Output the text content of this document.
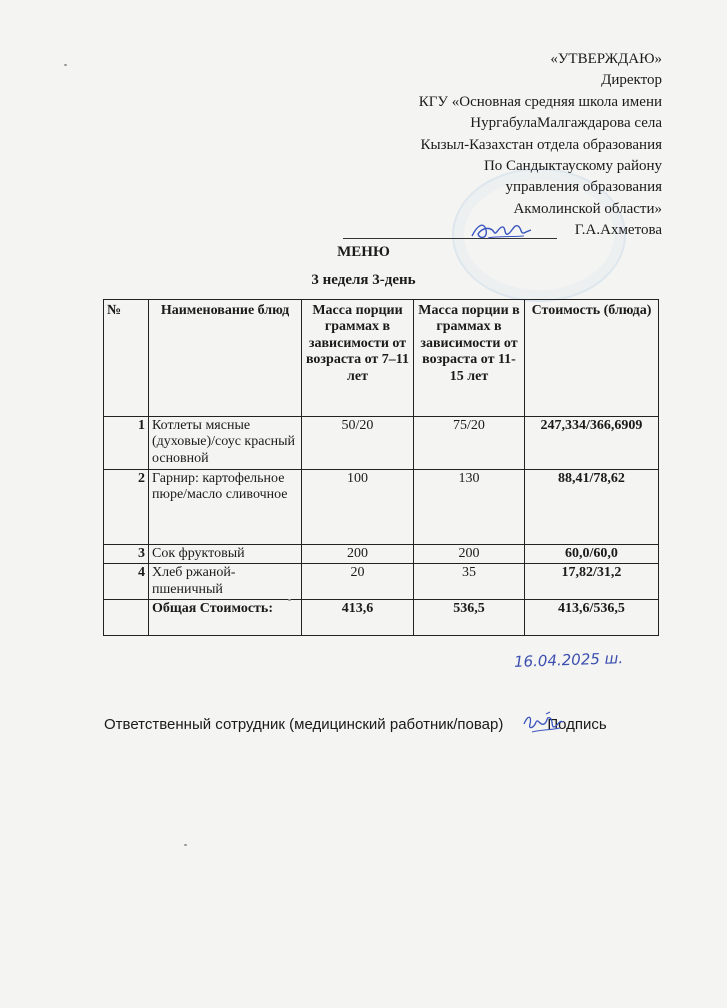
«УТВЕРЖДАЮ»
Директор
КГУ «Основная средняя школа имени
НургабулаМалгаждарова села
Кызыл-Казахстан отдела образования
По Сандыктаускому району
управления образования
Акмолинской области»
Г.А.Ахметова
МЕНЮ
3 неделя 3-день
№	Наименование блюд	Масса порции граммах в зависимости от возраста от 7–11 лет	Масса порции в граммах в зависимости от возраста от 11-15 лет	Стоимость (блюда)
1	Котлеты мясные (духовые)/соус красный основной	50/20	75/20	247,334/366,6909
2	Гарнир: картофельное пюре/масло сливочное	100	130	88,41/78,62
3	Сок фруктовый	200	200	60,0/60,0
4	Хлеб ржаной-пшеничный	20	35	17,82/31,2
	Общая Стоимость:	413,6	536,5	413,6/536,5
16.04.2025 ш.
Ответственный сотрудник (медицинский работник/повар)	Подпись
